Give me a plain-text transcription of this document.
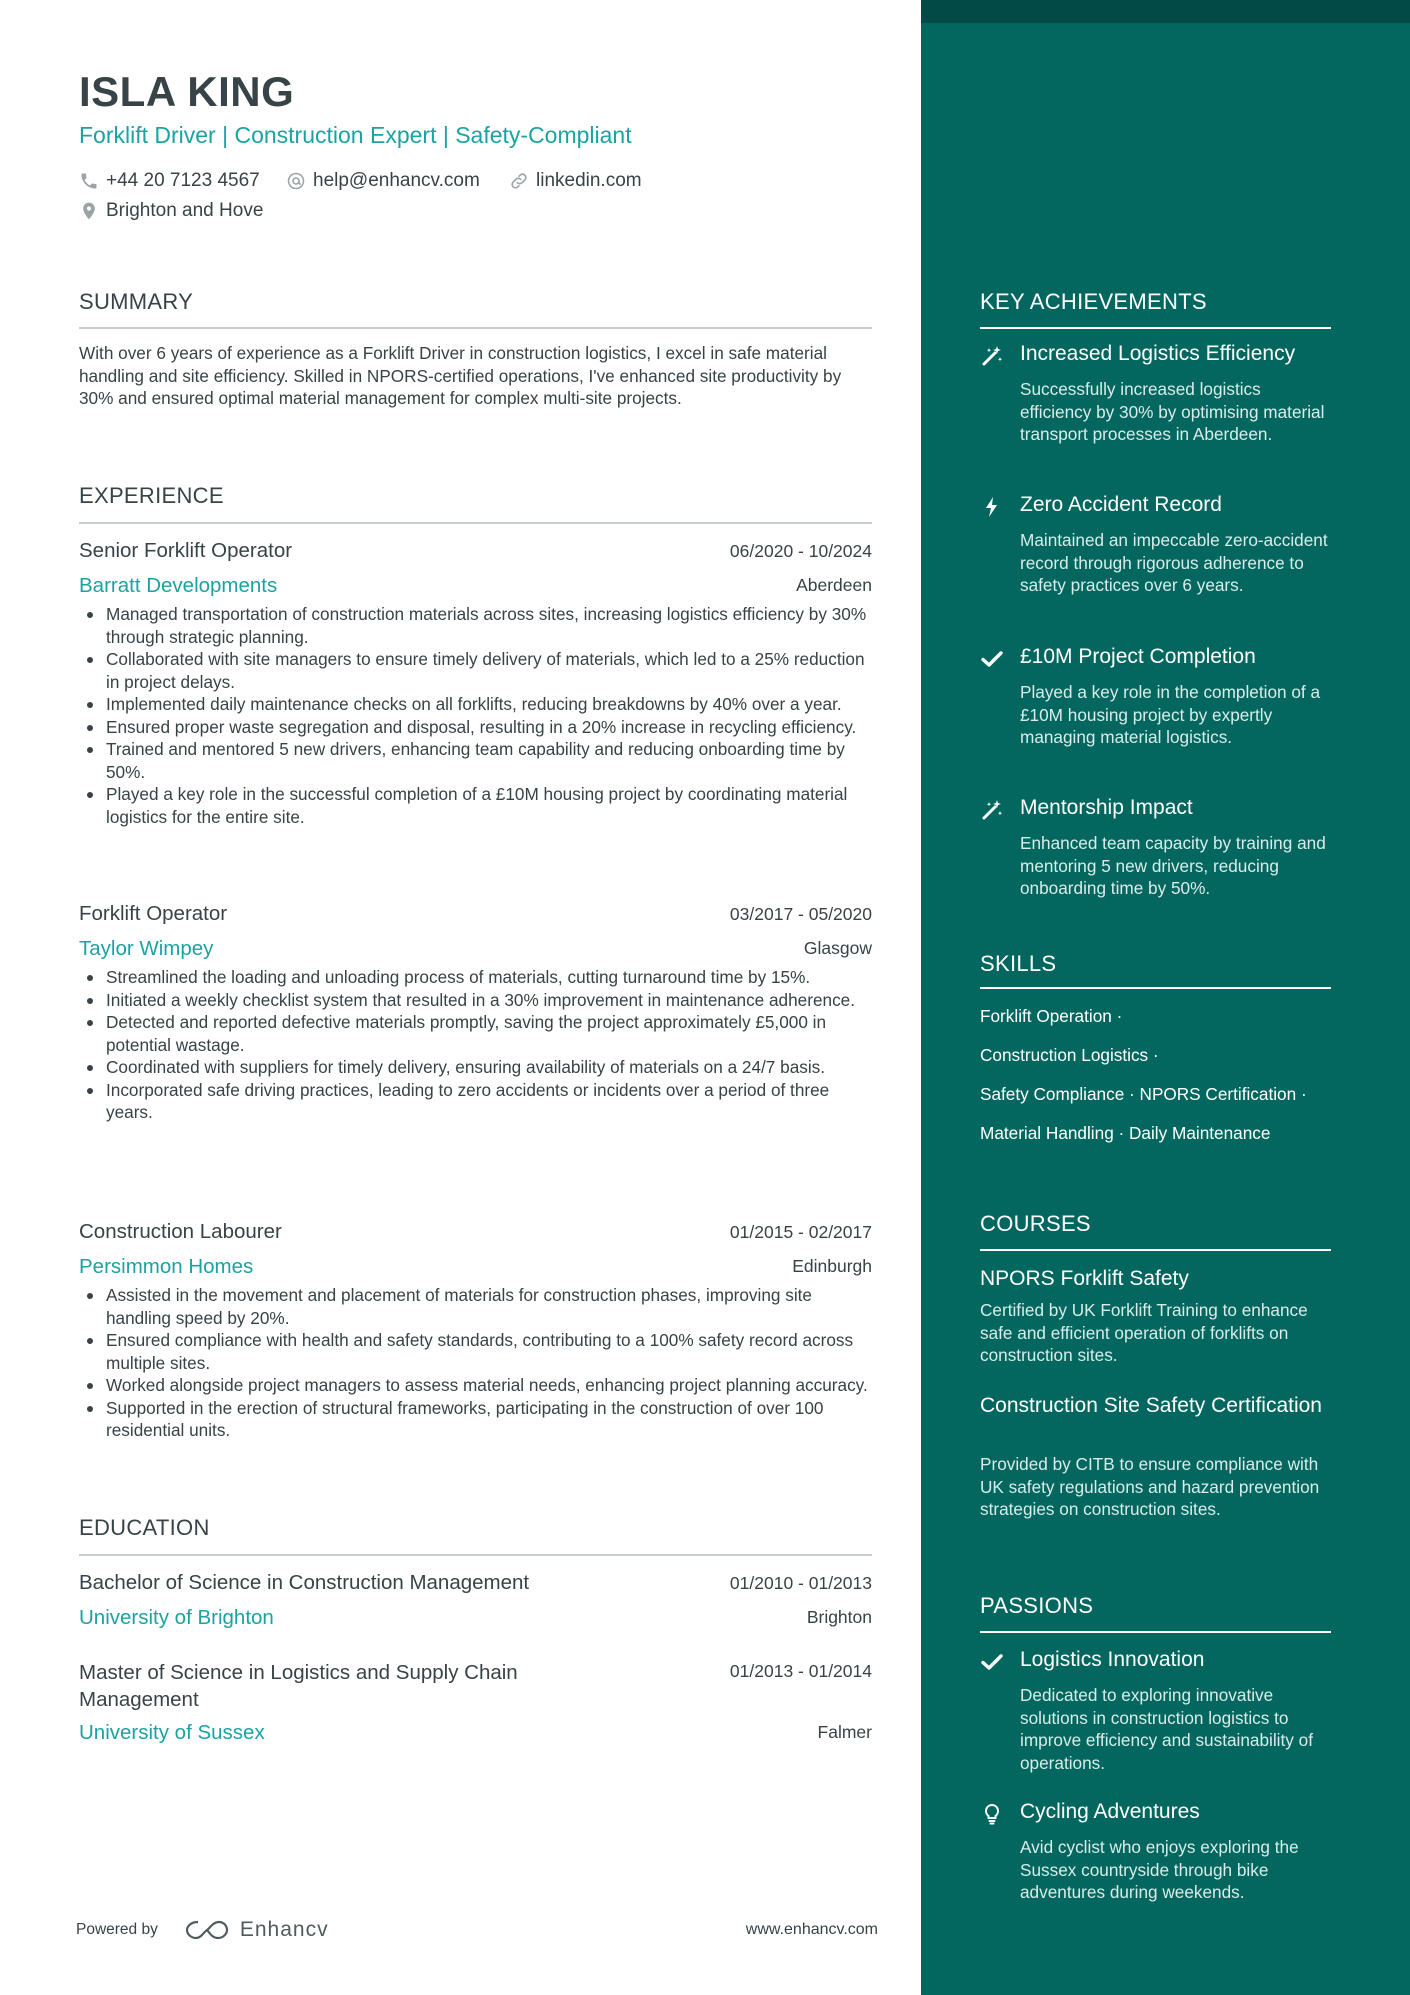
ISLA KING
Forklift Driver | Construction Expert | Safety-Compliant
+44 20 7123 4567	help@enhancv.com	linkedin.com
Brighton and Hove
SUMMARY
With over 6 years of experience as a Forklift Driver in construction logistics, I excel in safe material handling and site efficiency. Skilled in NPORS-certified operations, I've enhanced site productivity by 30% and ensured optimal material management for complex multi-site projects.
EXPERIENCE
Senior Forklift Operator	06/2020 - 10/2024
Barratt Developments	Aberdeen
Managed transportation of construction materials across sites, increasing logistics efficiency by 30% through strategic planning.
Collaborated with site managers to ensure timely delivery of materials, which led to a 25% reduction in project delays.
Implemented daily maintenance checks on all forklifts, reducing breakdowns by 40% over a year.
Ensured proper waste segregation and disposal, resulting in a 20% increase in recycling efficiency.
Trained and mentored 5 new drivers, enhancing team capability and reducing onboarding time by 50%.
Played a key role in the successful completion of a £10M housing project by coordinating material logistics for the entire site.
Forklift Operator	03/2017 - 05/2020
Taylor Wimpey	Glasgow
Streamlined the loading and unloading process of materials, cutting turnaround time by 15%.
Initiated a weekly checklist system that resulted in a 30% improvement in maintenance adherence.
Detected and reported defective materials promptly, saving the project approximately £5,000 in potential wastage.
Coordinated with suppliers for timely delivery, ensuring availability of materials on a 24/7 basis.
Incorporated safe driving practices, leading to zero accidents or incidents over a period of three years.
Construction Labourer	01/2015 - 02/2017
Persimmon Homes	Edinburgh
Assisted in the movement and placement of materials for construction phases, improving site handling speed by 20%.
Ensured compliance with health and safety standards, contributing to a 100% safety record across multiple sites.
Worked alongside project managers to assess material needs, enhancing project planning accuracy.
Supported in the erection of structural frameworks, participating in the construction of over 100 residential units.
EDUCATION
Bachelor of Science in Construction Management	01/2010 - 01/2013
University of Brighton	Brighton
Master of Science in Logistics and Supply Chain Management
01/2013 - 01/2014
University of Sussex	Falmer
Powered by	Enhancv	www.enhancv.com
KEY ACHIEVEMENTS
Increased Logistics Efficiency
Successfully increased logistics efficiency by 30% by optimising material transport processes in Aberdeen.
Zero Accident Record
Maintained an impeccable zero-accident record through rigorous adherence to safety practices over 6 years.
£10M Project Completion
Played a key role in the completion of a £10M housing project by expertly managing material logistics.
Mentorship Impact
Enhanced team capacity by training and mentoring 5 new drivers, reducing onboarding time by 50%.
SKILLS
Forklift Operation ·
Construction Logistics ·
Safety Compliance · NPORS Certification ·
Material Handling · Daily Maintenance
COURSES
NPORS Forklift Safety
Certified by UK Forklift Training to enhance safe and efficient operation of forklifts on construction sites.
Construction Site Safety Certification
Provided by CITB to ensure compliance with UK safety regulations and hazard prevention strategies on construction sites.
PASSIONS
Logistics Innovation
Dedicated to exploring innovative solutions in construction logistics to improve efficiency and sustainability of operations.
Cycling Adventures
Avid cyclist who enjoys exploring the Sussex countryside through bike adventures during weekends.
